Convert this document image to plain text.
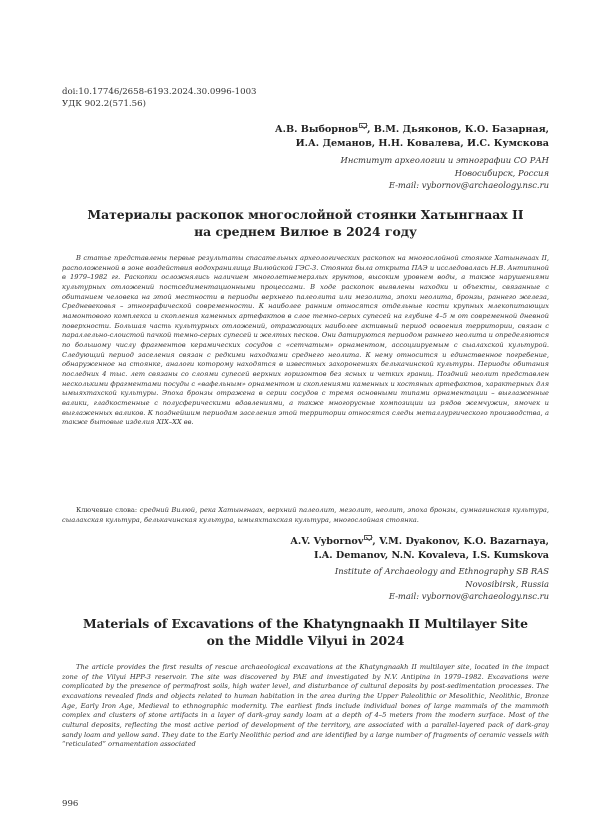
doi:10.17746/2658-6193.2024.30.0996-1003
УДК 902.2(571.56)
А.В. Выборнов , В.М. Дьяконов, К.О. Базарная,
И.А. Деманов, Н.Н. Ковалева, И.С. Кумскова
Институт археологии и этнографии СО РАН
Новосибирск, Россия
E-mail: vybornov@archaeology.nsc.ru
Материалы раскопок многослойной стоянки Хатынгнаах II
на среднем Вилюе в 2024 году

В статье представлены первые результаты спасательных археологических раскопок на многослойной стоянке Хатынгнаах II, расположенной в зоне воздействия водохранилища Вилюйской ГЭС-3. Стоянка была открыта ПАЭ и исследовалась Н.В. Антипиной в 1979–1982 гг. Раскопки осложнялись наличием многолетнемерзлых грунтов, высоким уровнем воды, а также нарушениями культурных отложений постседиментационными процессами. В ходе раскопок выявлены находки и объекты, связанные с обитанием человека на этой местности в периоды верхнего палеолита или мезолита, эпохи неолита, бронзы, раннего железа, Средневековья – этнографической современности. К наиболее ранним относятся отдельные кости крупных млекопитающих мамонтового комплекса и скопления каменных артефактов в слое темно-серых супесей на глубине 4–5 м от современной дневной поверхности. Большая часть культурных отложений, отражающих наиболее активный период освоения территории, связан с параллельно-слоистой пачкой темно-серых супесей и желтых песков. Они датируются периодом раннего неолита и определяются по большому числу фрагментов керамических сосудов с «сетчатым» орнаментом, ассоциируемым с сыалахской культурой. Следующий период заселения связан с редкими находками среднего неолита. К нему относится и единственное погребение, обнаруженное на стоянке, аналоги которому находятся в известных захоронениях белькачинской культуры. Периоды обитания последних 4 тыс. лет связаны со слоями супесей верхних горизонтов без ясных и четких границ. Поздний неолит представлен несколькими фрагментами посуды с «вафельным» орнаментом и скоплениями каменных и костяных артефактов, характерных для ымыяхтахской культуры. Эпоха бронзы отражена в серии сосудов с тремя основными типами орнаментации – выглаженные валики, гладкостенные с полусферическими вдавлениями, а также многорусные композиции из рядов жемчужин, ямочек и выглаженных валиков. К позднейшим периодам заселения этой территории относятся следы металлургического производства, а также бытовые изделия XIX–XX вв.

Ключевые слова: средний Вилюй, река Хатынгнаах, верхний палеолит, мезолит, неолит, эпоха бронзы, сумнагинская культура, сыалахская культура, белькачинская культура, ымыяхтахская культура, многослойная стоянка.

A.V. Vybornov , V.M. Dyakonov, K.O. Bazarnaya,
I.A. Demanov, N.N. Kovaleva, I.S. Kumskova
Institute of Archaeology and Ethnography SB RAS
Novosibirsk, Russia
E-mail: vybornov@archaeology.nsc.ru
Materials of Excavations of the Khatyngnaakh II Multilayer Site
on the Middle Vilyui in 2024

The article provides the first results of rescue archaeological excavations at the Khatyngnaakh II multilayer site, located in the impact zone of the Vilyui HPP-3 reservoir. The site was discovered by PAE and investigated by N.V. Antipina in 1979–1982. Excavations were complicated by the presence of permafrost soils, high water level, and disturbance of cultural deposits by post-sedimentation processes. The excavations revealed finds and objects related to human habitation in the area during the Upper Paleolithic or Mesolithic, Neolithic, Bronze Age, Early Iron Age, Medieval to ethnographic modernity. The earliest finds include individual bones of large mammals of the mammoth complex and clusters of stone artifacts in a layer of dark-gray sandy loam at a depth of 4–5 meters from the modern surface. Most of the cultural deposits, reflecting the most active period of development of the territory, are associated with a parallel-layered pack of dark-gray sandy loam and yellow sand. They date to the Early Neolithic period and are identified by a large number of fragments of ceramic vessels with “reticulated” ornamentation associated

996
